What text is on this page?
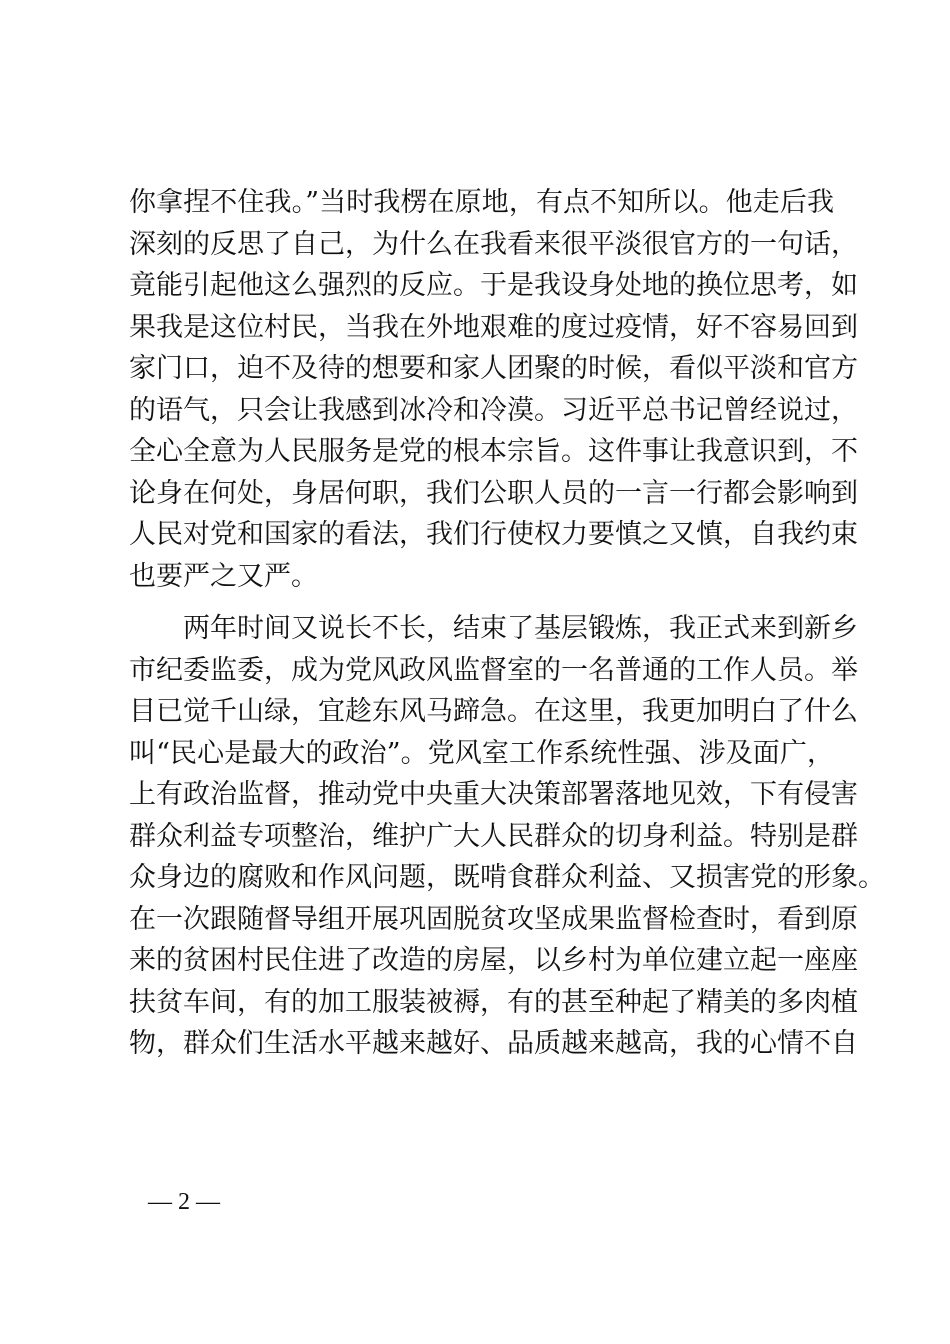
你拿捏不住我。”当时我楞在原地，有点不知所以。他走后我
深刻的反思了自己，为什么在我看来很平淡很官方的一句话，
竟能引起他这么强烈的反应。于是我设身处地的换位思考，如
果我是这位村民，当我在外地艰难的度过疫情，好不容易回到
家门口，迫不及待的想要和家人团聚的时候，看似平淡和官方
的语气，只会让我感到冰冷和冷漠。习近平总书记曾经说过，
全心全意为人民服务是党的根本宗旨。这件事让我意识到，不
论身在何处，身居何职，我们公职人员的一言一行都会影响到
人民对党和国家的看法，我们行使权力要慎之又慎，自我约束
也要严之又严。
两年时间又说长不长，结束了基层锻炼，我正式来到新乡
市纪委监委，成为党风政风监督室的一名普通的工作人员。举
目已觉千山绿，宜趁东风马蹄急。在这里，我更加明白了什么
叫“民心是最大的政治”。党风室工作系统性强、涉及面广，
上有政治监督，推动党中央重大决策部署落地见效，下有侵害
群众利益专项整治，维护广大人民群众的切身利益。特别是群
众身边的腐败和作风问题，既啃食群众利益、又损害党的形象。
在一次跟随督导组开展巩固脱贫攻坚成果监督检查时，看到原
来的贫困村民住进了改造的房屋，以乡村为单位建立起一座座
扶贫车间，有的加工服装被褥，有的甚至种起了精美的多肉植
物，群众们生活水平越来越好、品质越来越高，我的心情不自
— 2 —
